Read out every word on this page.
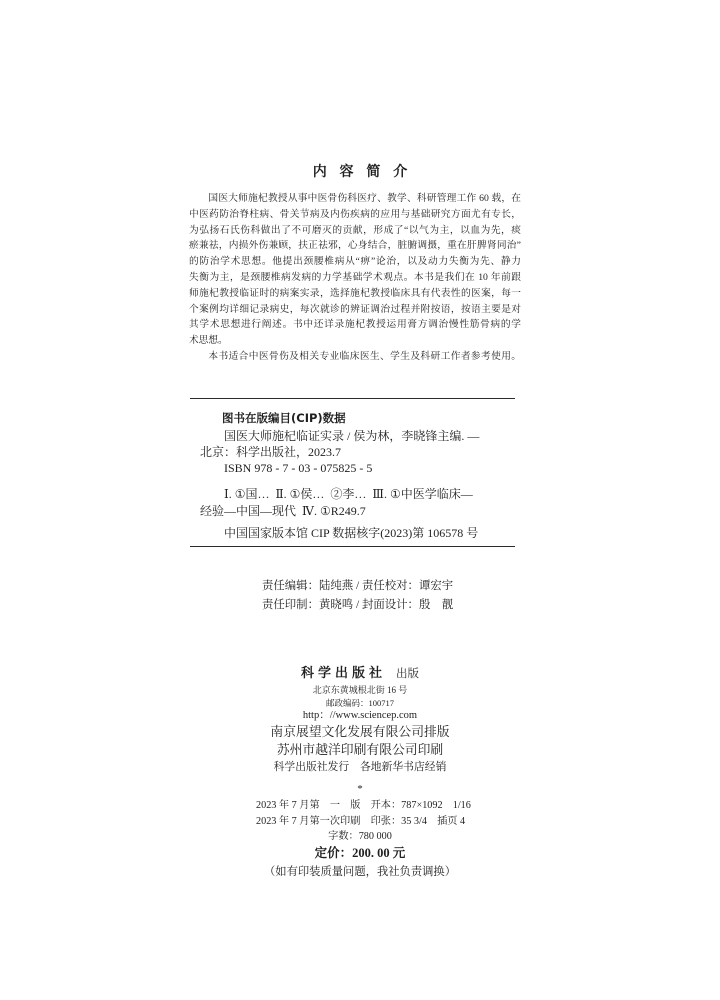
内 容 简 介
国医大师施杞教授从事中医骨伤科医疗、教学、科研管理工作 60 载，在
中医药防治脊柱病、骨关节病及内伤疾病的应用与基础研究方面尤有专长，
为弘扬石氏伤科做出了不可磨灭的贡献，形成了“以气为主，以血为先，痰
瘀兼祛，内损外伤兼顾，扶正祛邪，心身结合，脏腑调摄，重在肝脾肾同治”
的防治学术思想。他提出颈腰椎病从“痹”论治，以及动力失衡为先、静力
失衡为主，是颈腰椎病发病的力学基础学术观点。本书是我们在 10 年前跟
师施杞教授临证时的病案实录，选择施杞教授临床具有代表性的医案，每一
个案例均详细记录病史，每次就诊的辨证调治过程并附按语，按语主要是对
其学术思想进行阐述。书中还详录施杞教授运用膏方调治慢性筋骨病的学
术思想。
本书适合中医骨伤及相关专业临床医生、学生及科研工作者参考使用。
图书在版编目(CIP)数据
国医大师施杞临证实录 / 侯为林，李晓锋主编. —
北京：科学出版社，2023.7
ISBN 978 - 7 - 03 - 075825 - 5
Ⅰ. ①国…  Ⅱ. ①侯…  ②李…  Ⅲ. ①中医学临床—
经验—中国—现代  Ⅳ. ①R249.7
中国国家版本馆 CIP 数据核字(2023)第 106578 号
责任编辑：陆纯燕 / 责任校对：谭宏宇
责任印制：黄晓鸣 / 封面设计：殷　靓
科学出版社 出版
北京东黄城根北街 16 号
邮政编码：100717
http：//www.sciencep.com
南京展望文化发展有限公司排版
苏州市越洋印刷有限公司印刷
科学出版社发行　各地新华书店经销
*
2023 年 7 月第　一　版　开本：787×1092　1/16
2023 年 7 月第一次印刷　印张：35 3/4　插页 4
字数：780 000
定价：200. 00 元
（如有印装质量问题，我社负责调换）
